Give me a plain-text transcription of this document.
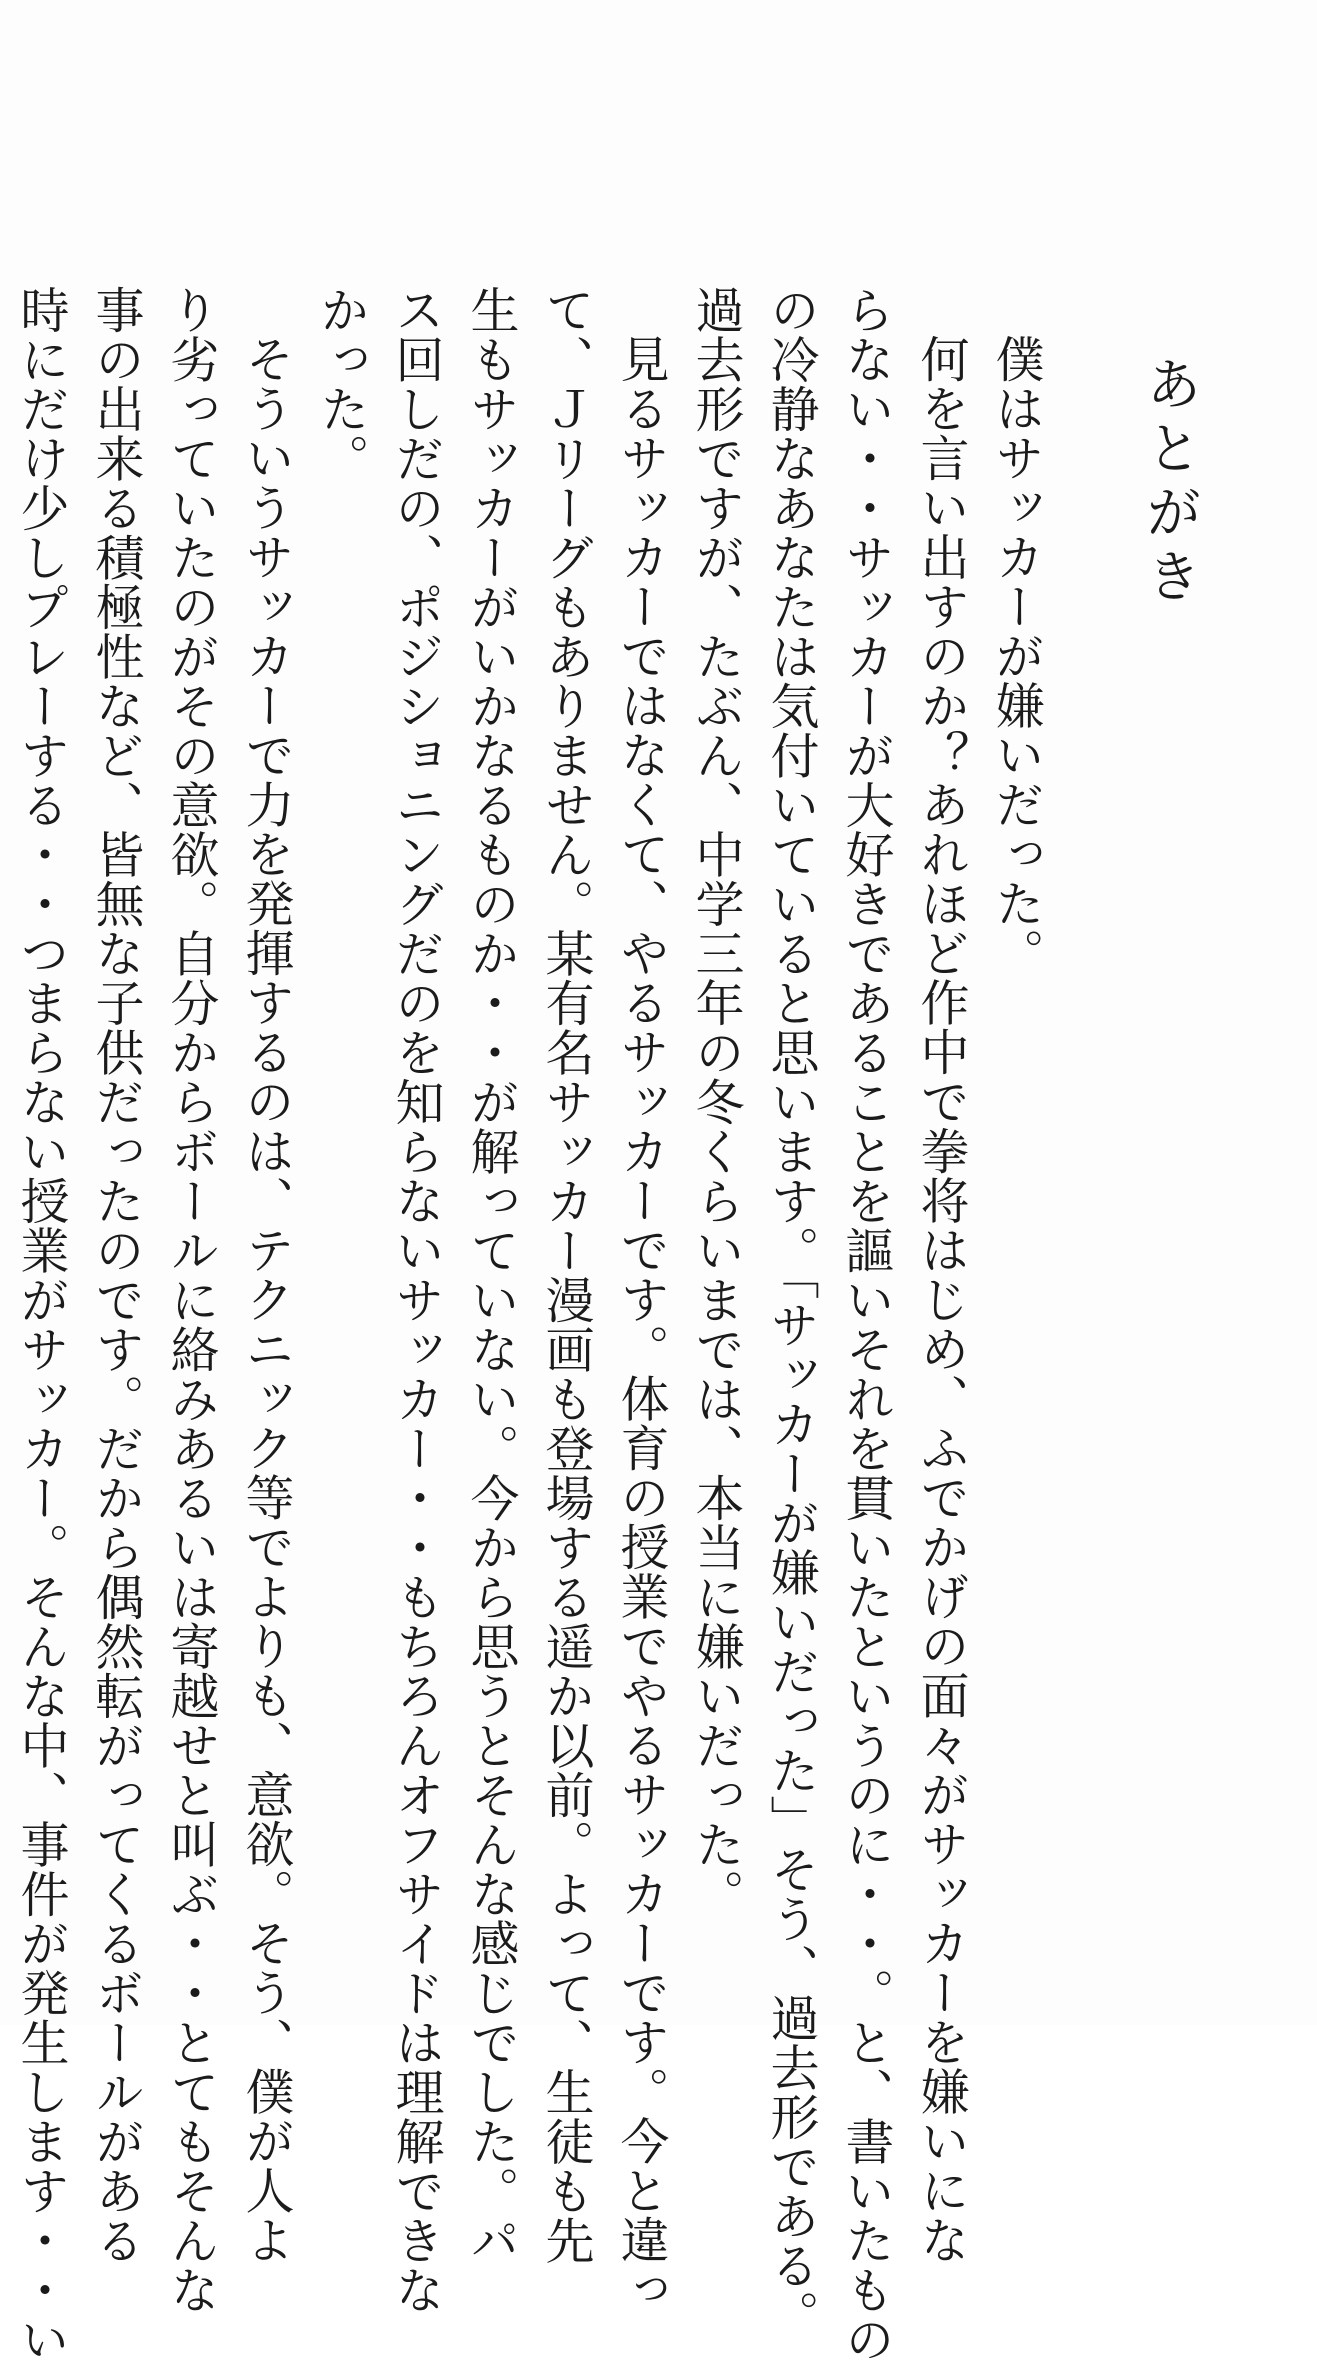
あとがき

僕はサッカーが嫌いだった。

何を言い出すのか？あれほど作中で拳将はじめ、ふでかげの面々がサッカーを嫌いにな

らない・・サッカーが大好きであることを謳いそれを貫いたというのに・・。と、書いたもの

の冷静なあなたは気付いていると思います。「サッカーが嫌いだった」そう、過去形である。

過去形ですが、たぶん、中学三年の冬くらいまでは、本当に嫌いだった。

見るサッカーではなくて、やるサッカーです。体育の授業でやるサッカーです。今と違っ

て、Ｊリーグもありません。某有名サッカー漫画も登場する遥か以前。よって、生徒も先

生もサッカーがいかなるものか・・が解っていない。今から思うとそんな感じでした。パ

ス回しだの、ポジショニングだのを知らないサッカー・・もちろんオフサイドは理解できな

かった。

そういうサッカーで力を発揮するのは、テクニック等でよりも、意欲。そう、僕が人よ

り劣っていたのがその意欲。自分からボールに絡みあるいは寄越せと叫ぶ・・とてもそんな

事の出来る積極性など、皆無な子供だったのです。だから偶然転がってくるボールがある

時にだけ少しプレーする・・つまらない授業がサッカー。そんな中、事件が発生します・・い
